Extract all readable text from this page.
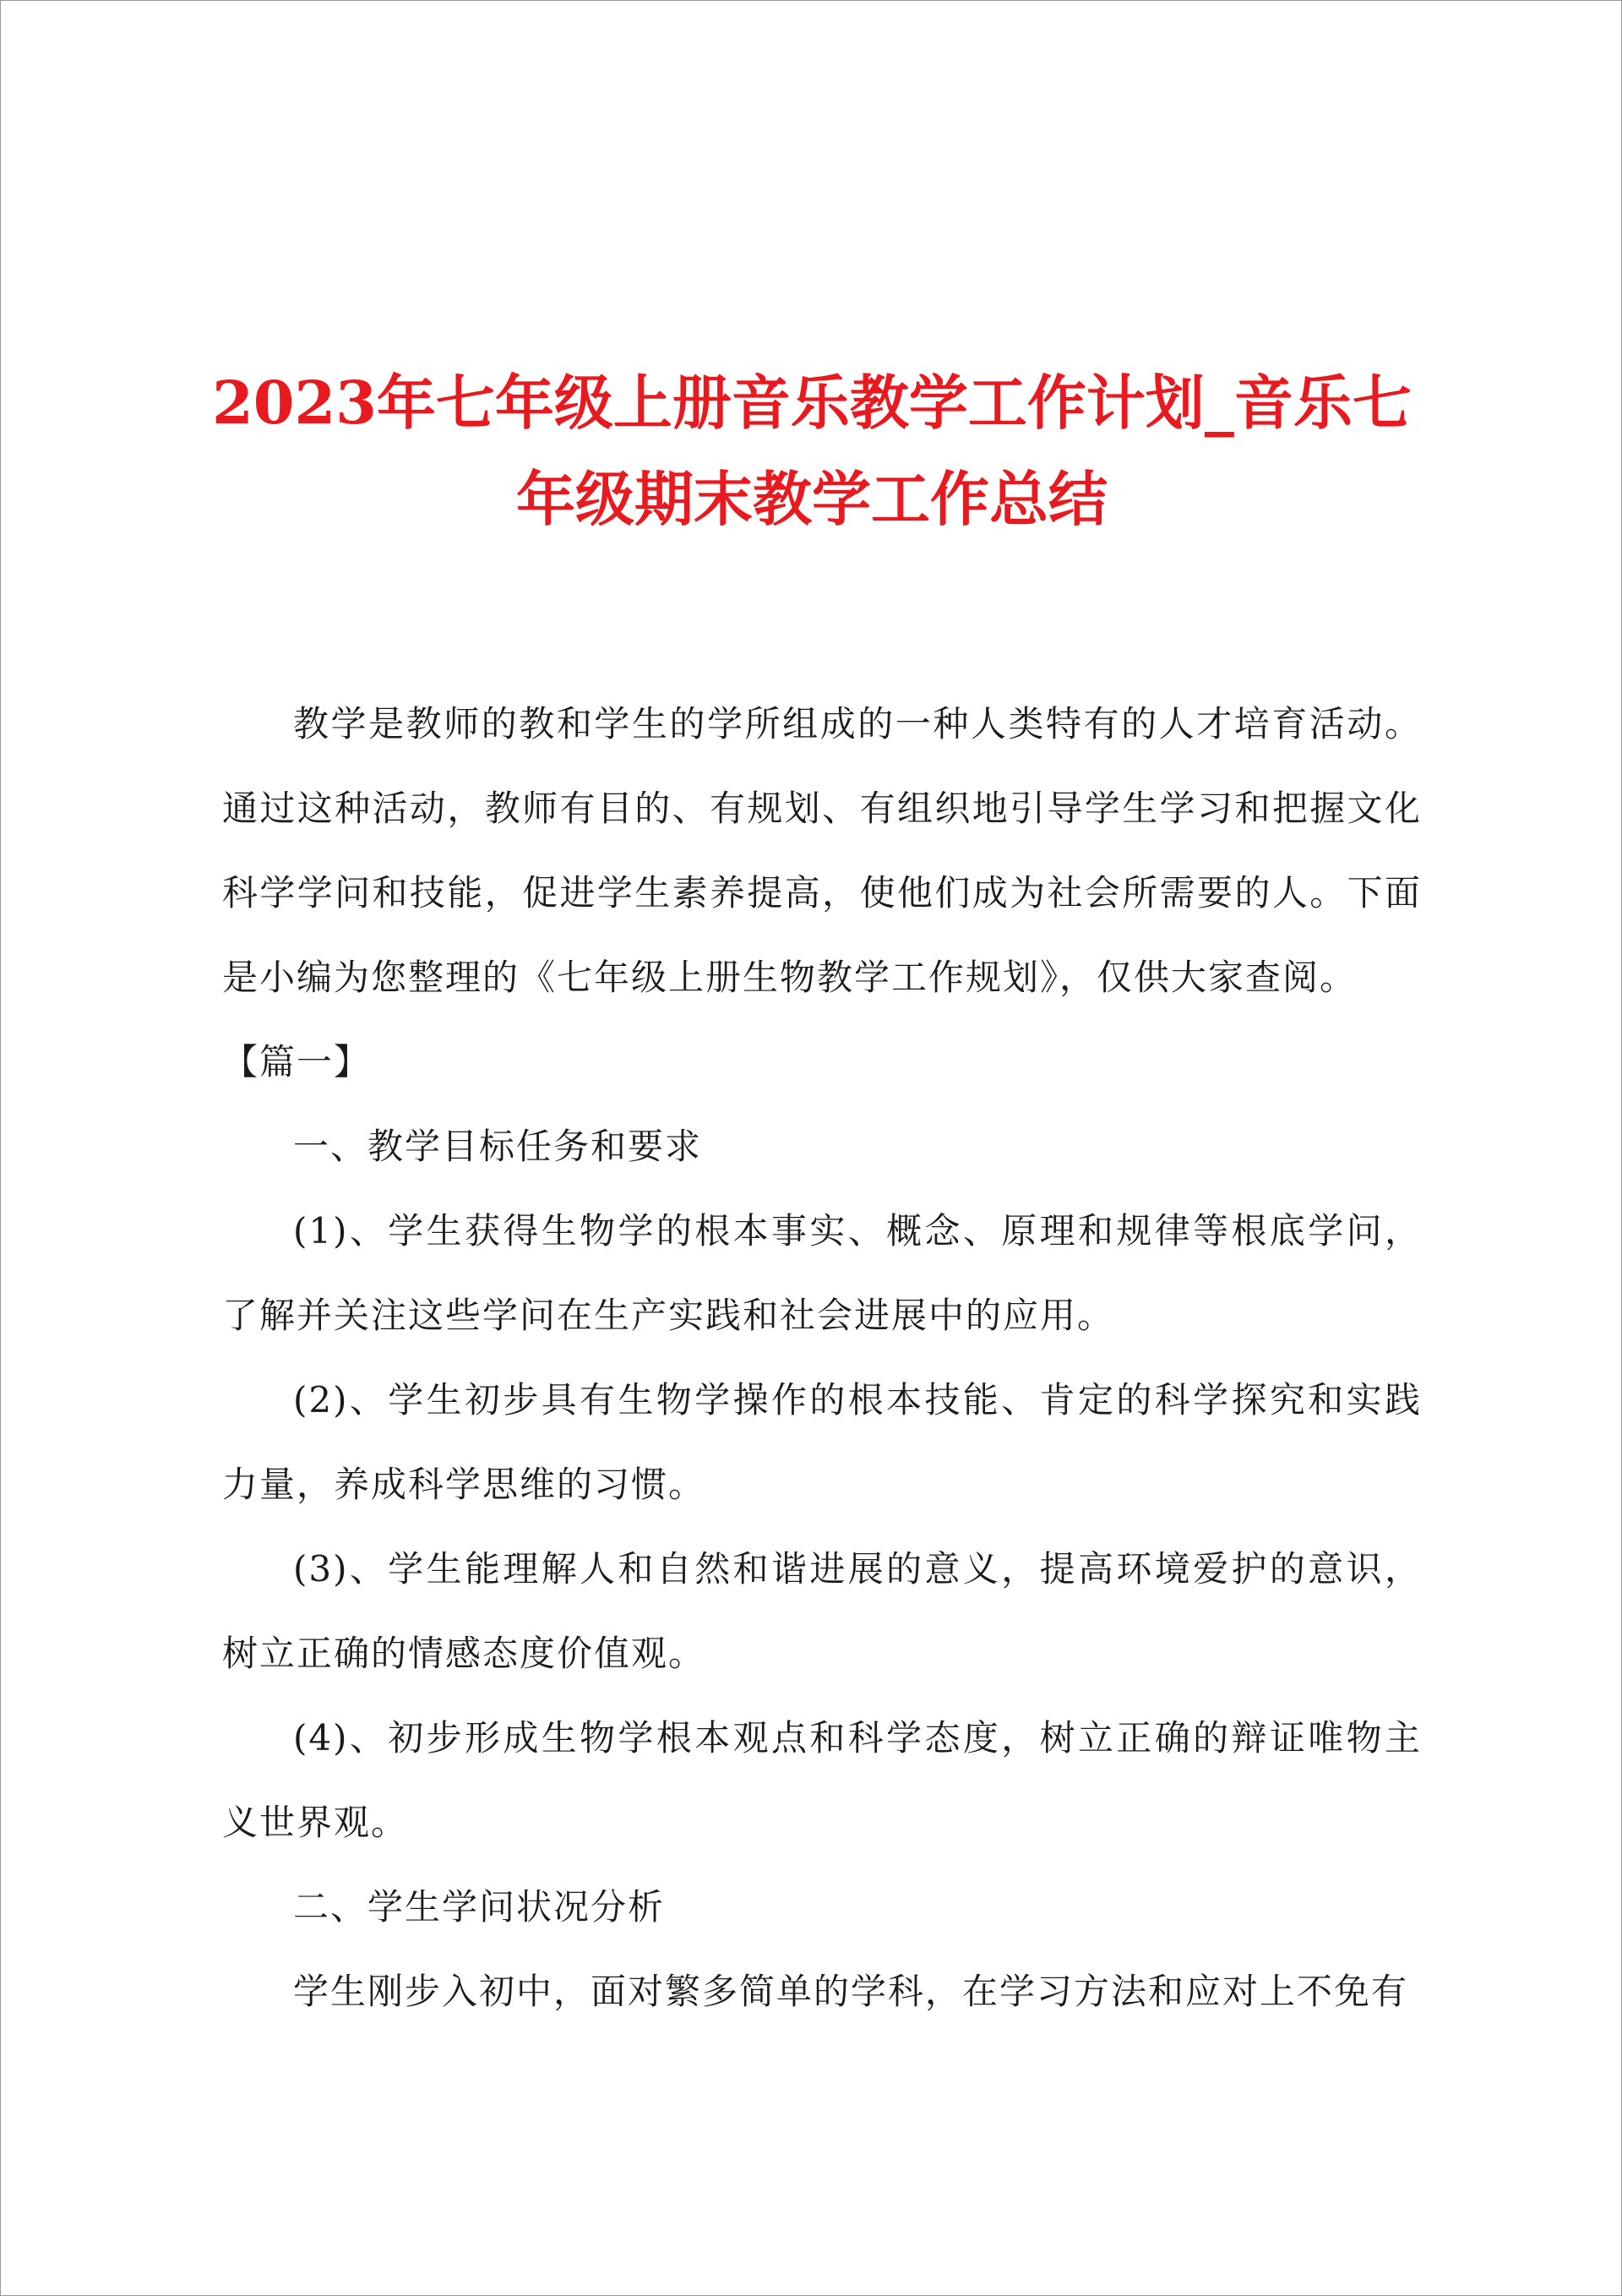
2023年七年级上册音乐教学工作计划_音乐七
年级期末教学工作总结

教学是教师的教和学生的学所组成的一种人类特有的人才培育活动。通过这种活动，教师有目的、有规划、有组织地引导学生学习和把握文化科学学问和技能，促进学生素养提高，使他们成为社会所需要的人。下面是小编为您整理的《七年级上册生物教学工作规划》，仅供大家查阅。

【篇一】

一、教学目标任务和要求

(1)、学生获得生物学的根本事实、概念、原理和规律等根底学问，了解并关注这些学问在生产实践和社会进展中的应用。

(2)、学生初步具有生物学操作的根本技能、肯定的科学探究和实践力量，养成科学思维的习惯。

(3)、学生能理解人和自然和谐进展的意义，提高环境爱护的意识，树立正确的情感态度价值观。

(4)、初步形成生物学根本观点和科学态度，树立正确的辩证唯物主义世界观。

二、学生学问状况分析

学生刚步入初中，面对繁多简单的学科，在学习方法和应对上不免有
